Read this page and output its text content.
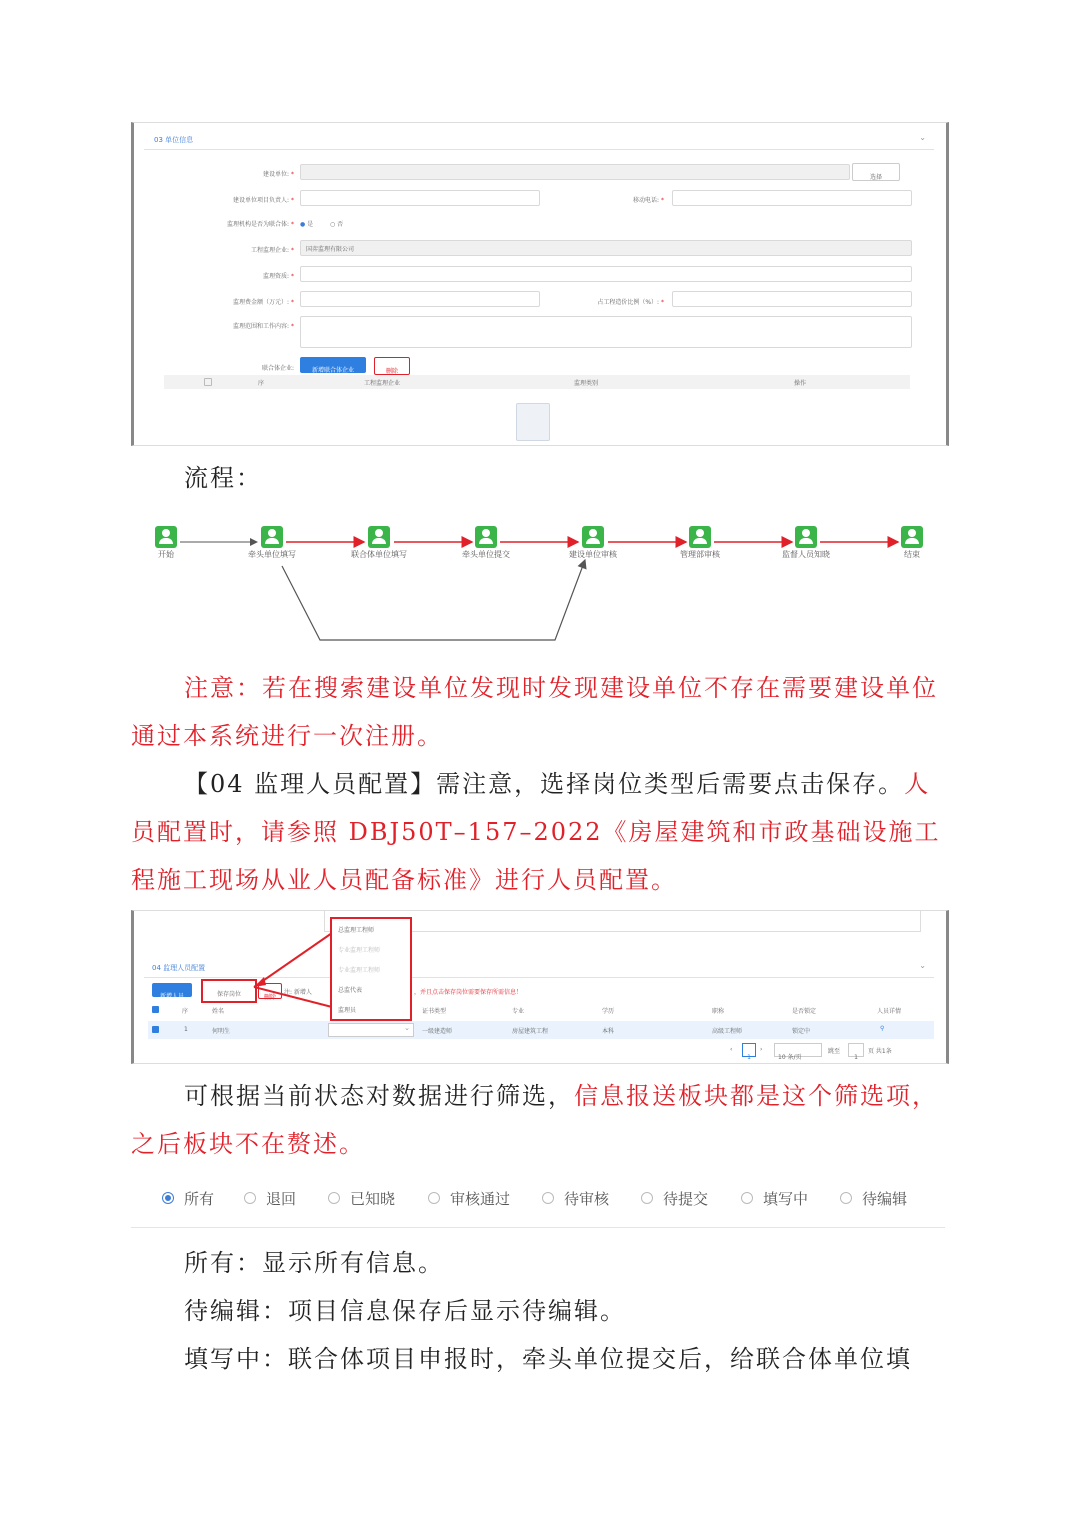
03 单位信息	⌄
建设单位: *	选择
建设单位项目负责人: *	移动电话: *
监理机构是否为联合体: * ● 是	○ 否
工程监理企业: * 国弈监理有限公司
监理资质: *
监理费金额（万元）: *	占工程造价比例（%）: *
监理范围和工作内容: *
联合体企业:	新增联合体企业	删除
序	工程监理企业	监理类别	操作

流程：

开始	牵头单位填写	联合体单位填写	牵头单位提交	建设单位审核	管理部审核	监督人员知晓	结束

注意：若在搜索建设单位发现时发现建设单位不存在需要建设单位通过本系统进行一次注册。

【04 监理人员配置】需注意，选择岗位类型后需要点击保存。人员配置时，请参照 DBJ50T–157–2022《房屋建筑和市政基础设施工程施工现场从业人员配备标准》进行人员配置。

04 监理人员配置	⌄
新增人员	保存岗位	删除
注: 新增人	，并且点击保存岗位需要保存所需信息！
总监理工程师
专业监理工程师
专业监理工程师
总监代表
监理员
序	姓名	证书类型	专业	学历	职称	是否锁定	人员详情
1	何明生	⌄ 一级建造师	房屋建筑工程	本科	高级工程师	锁定中	⚲
‹
1
›
10 条/页
跳至
1
页 共1条

可根据当前状态对数据进行筛选，信息报送板块都是这个筛选项，之后板块不在赘述。

所有	退回	已知晓	审核通过	待审核	待提交	填写中	待编辑

所有：显示所有信息。

待编辑：项目信息保存后显示待编辑。

填写中：联合体项目申报时，牵头单位提交后，给联合体单位填
